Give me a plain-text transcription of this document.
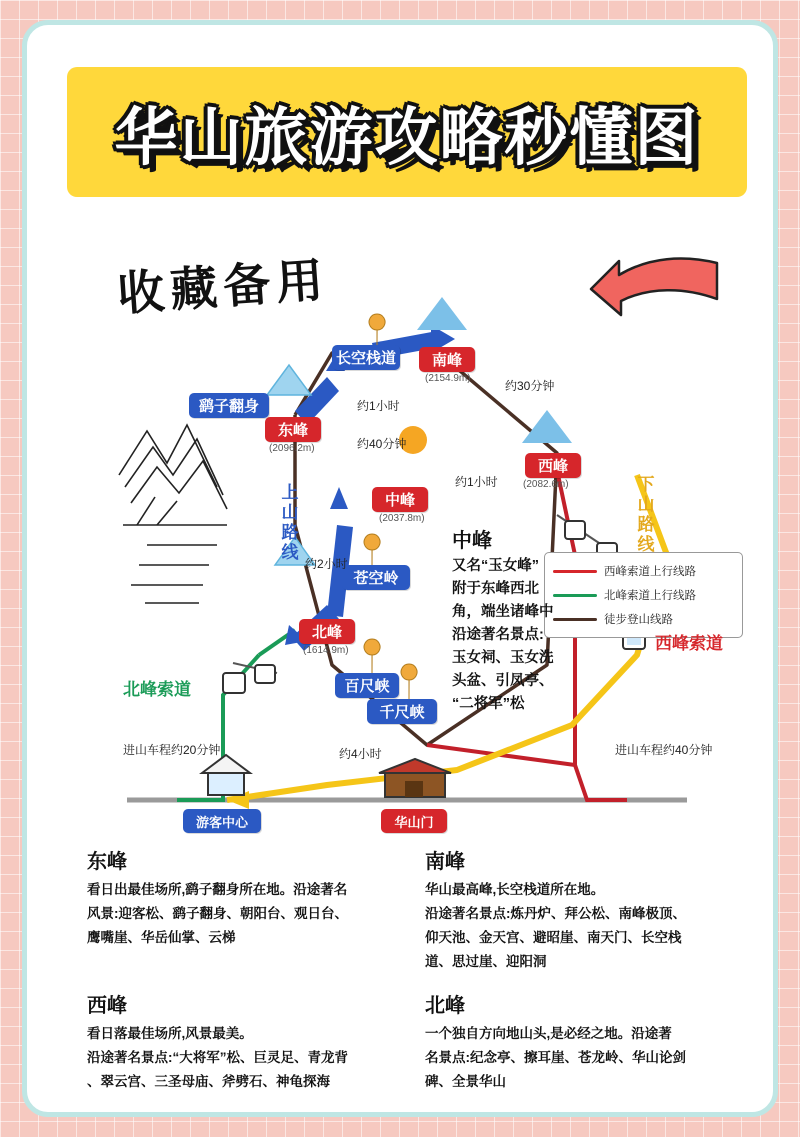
华山旅游攻略秒懂图
收藏备用
西峰索道上行线路
北峰索道上行线路
徒步登山线路
长空栈道	南峰
(2154.9m)
鹞子翻身
东峰
(2096.2m)
西峰
(2082.6m)
中峰
(2037.8m)
苍空岭
北峰
(1614.9m)
百尺峡
千尺峡
约1小时
约30分钟
约40分钟
约1小时
约2小时
约4小时
上山路线
下山路线
北峰索道
西峰索道
进山车程约20分钟	进山车程约40分钟
游客中心	华山门
中峰
又名“玉女峰”
附于东峰西北
角，端坐诸峰中
沿途著名景点:
玉女祠、玉女洗
头盆、引凤亭、
“二将军”松
东峰

看日出最佳场所,鹞子翻身所在地。沿途著名

风景:迎客松、鹞子翻身、朝阳台、观日台、

鹰嘴崖、华岳仙掌、云梯

南峰

华山最高峰,长空栈道所在地。

沿途著名景点:炼丹炉、拜公松、南峰极顶、

仰天池、金天宫、避昭崖、南天门、长空栈

道、思过崖、迎阳洞

西峰

看日落最佳场所,风景最美。

沿途著名景点:“大将军”松、巨灵足、青龙背

、翠云宫、三圣母庙、斧劈石、神龟探海

北峰

一个独自方向地山头,是必经之地。沿途著

名景点:纪念亭、擦耳崖、苍龙岭、华山论剑

碑、全景华山
